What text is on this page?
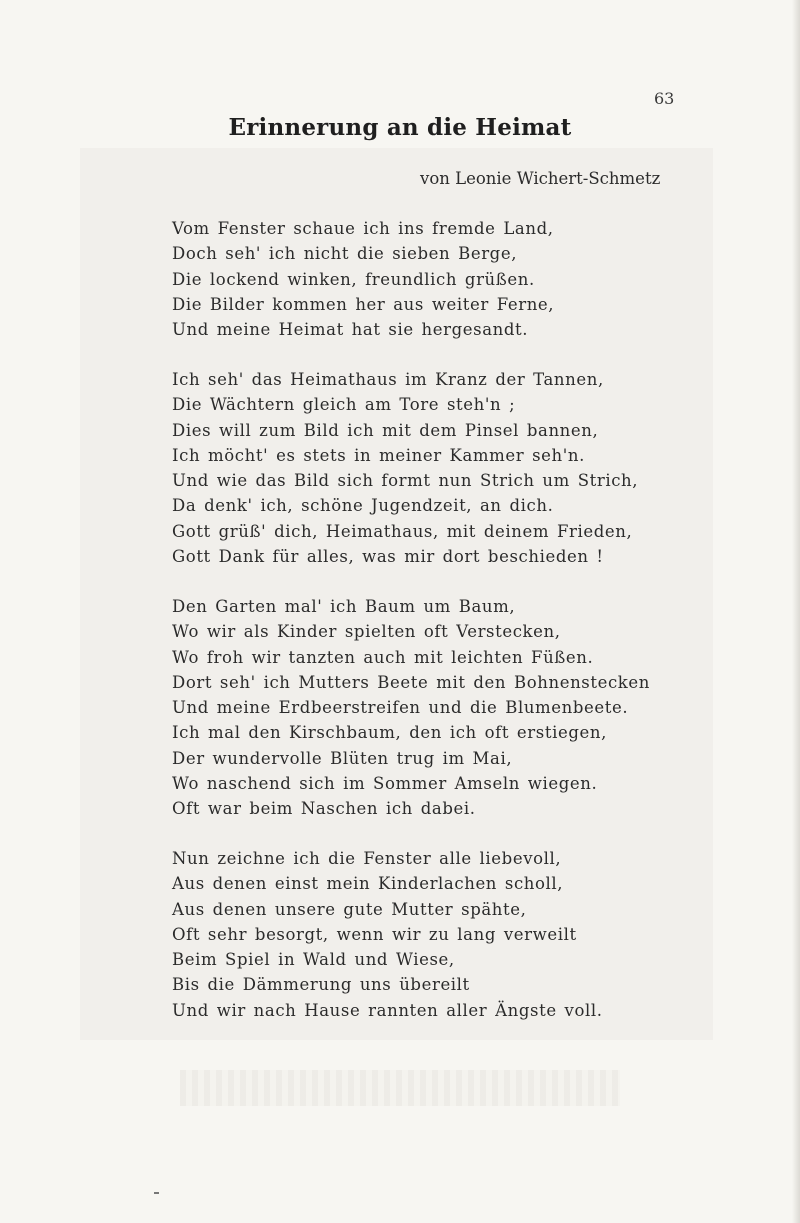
63
Erinnerung an die Heimat
von Leonie Wichert-Schmetz
Vom Fenster schaue ich ins fremde Land,
Doch seh' ich nicht die sieben Berge,
Die lockend winken, freundlich grüßen.
Die Bilder kommen her aus weiter Ferne,
Und meine Heimat hat sie hergesandt.
Ich seh' das Heimathaus im Kranz der Tannen,
Die Wächtern gleich am Tore steh'n ;
Dies will zum Bild ich mit dem Pinsel bannen,
Ich möcht' es stets in meiner Kammer seh'n.
Und wie das Bild sich formt nun Strich um Strich,
Da denk' ich, schöne Jugendzeit, an dich.
Gott grüß' dich, Heimathaus, mit deinem Frieden,
Gott Dank für alles, was mir dort beschieden !
Den Garten mal' ich Baum um Baum,
Wo wir als Kinder spielten oft Verstecken,
Wo froh wir tanzten auch mit leichten Füßen.
Dort seh' ich Mutters Beete mit den Bohnenstecken
Und meine Erdbeerstreifen und die Blumenbeete.
Ich mal den Kirschbaum, den ich oft erstiegen,
Der wundervolle Blüten trug im Mai,
Wo naschend sich im Sommer Amseln wiegen.
Oft war beim Naschen ich dabei.
Nun zeichne ich die Fenster alle liebevoll,
Aus denen einst mein Kinderlachen scholl,
Aus denen unsere gute Mutter spähte,
Oft sehr besorgt, wenn wir zu lang verweilt
Beim Spiel in Wald und Wiese,
Bis die Dämmerung uns übereilt
Und wir nach Hause rannten aller Ängste voll.
